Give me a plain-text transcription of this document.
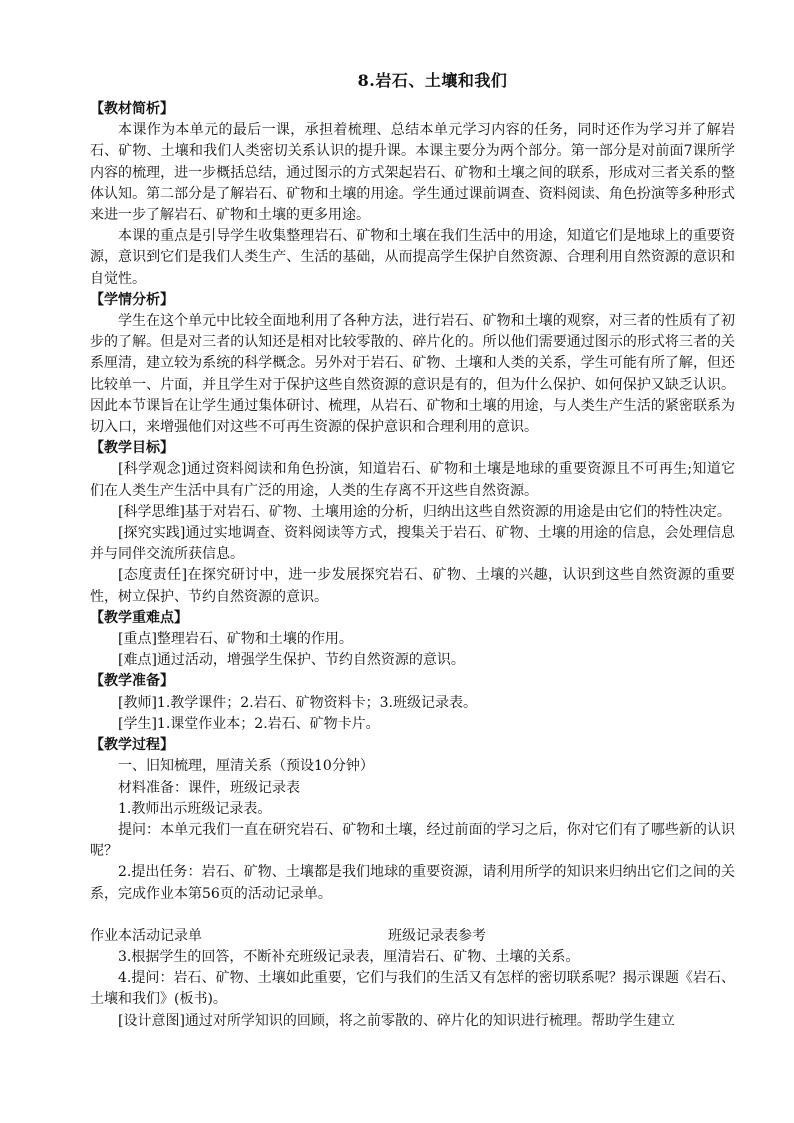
8.岩石、土壤和我们
【教材简析】

本课作为本单元的最后一课，承担着梳理、总结本单元学习内容的任务，同时还作为学习并了解岩石、矿物、土壤和我们人类密切关系认识的提升课。本课主要分为两个部分。第一部分是对前面7课所学内容的梳理，进一步概括总结，通过图示的方式架起岩石、矿物和土壤之间的联系，形成对三者关系的整体认知。第二部分是了解岩石、矿物和土壤的用途。学生通过课前调查、资料阅读、角色扮演等多种形式来进一步了解岩石、矿物和土壤的更多用途。

本课的重点是引导学生收集整理岩石、矿物和土壤在我们生活中的用途，知道它们是地球上的重要资源，意识到它们是我们人类生产、生活的基础，从而提高学生保护自然资源、合理利用自然资源的意识和自觉性。

【学情分析】

学生在这个单元中比较全面地利用了各种方法，进行岩石、矿物和土壤的观察，对三者的性质有了初步的了解。但是对三者的认知还是相对比较零散的、碎片化的。所以他们需要通过图示的形式将三者的关系厘清，建立较为系统的科学概念。另外对于岩石、矿物、土壤和人类的关系，学生可能有所了解，但还比较单一、片面，并且学生对于保护这些自然资源的意识是有的，但为什么保护、如何保护又缺乏认识。因此本节课旨在让学生通过集体研讨、梳理，从岩石、矿物和土壤的用途，与人类生产生活的紧密联系为切入口，来增强他们对这些不可再生资源的保护意识和合理利用的意识。

【教学目标】

[科学观念]通过资料阅读和角色扮演，知道岩石、矿物和土壤是地球的重要资源且不可再生;知道它们在人类生产生活中具有广泛的用途，人类的生存离不开这些自然资源。

[科学思维]基于对岩石、矿物、土壤用途的分析，归纳出这些自然资源的用途是由它们的特性决定。

[探究实践]通过实地调查、资料阅读等方式，搜集关于岩石、矿物、土壤的用途的信息，会处理信息并与同伴交流所获信息。

[态度责任]在探究研讨中，进一步发展探究岩石、矿物、土壤的兴趣，认识到这些自然资源的重要性，树立保护、节约自然资源的意识。

【教学重难点】

[重点]整理岩石、矿物和土壤的作用。

[难点]通过活动，增强学生保护、节约自然资源的意识。

【教学准备】

[教师]1.教学课件；2.岩石、矿物资料卡；3.班级记录表。

[学生]1.课堂作业本；2.岩石、矿物卡片。

【教学过程】

一、旧知梳理，厘清关系（预设10分钟）

材料准备：课件，班级记录表

1.教师出示班级记录表。

提问：本单元我们一直在研究岩石、矿物和土壤，经过前面的学习之后，你对它们有了哪些新的认识呢？

2.提出任务：岩石、矿物、土壤都是我们地球的重要资源，请利用所学的知识来归纳出它们之间的关系，完成作业本第56页的活动记录单。

作业本活动记录单	班级记录表参考

3.根据学生的回答，不断补充班级记录表，厘清岩石、矿物、土壤的关系。

4.提问：岩石、矿物、土壤如此重要，它们与我们的生活又有怎样的密切联系呢？揭示课题《岩石、土壤和我们》(板书)。

[设计意图]通过对所学知识的回顾，将之前零散的、碎片化的知识进行梳理。帮助学生建立
